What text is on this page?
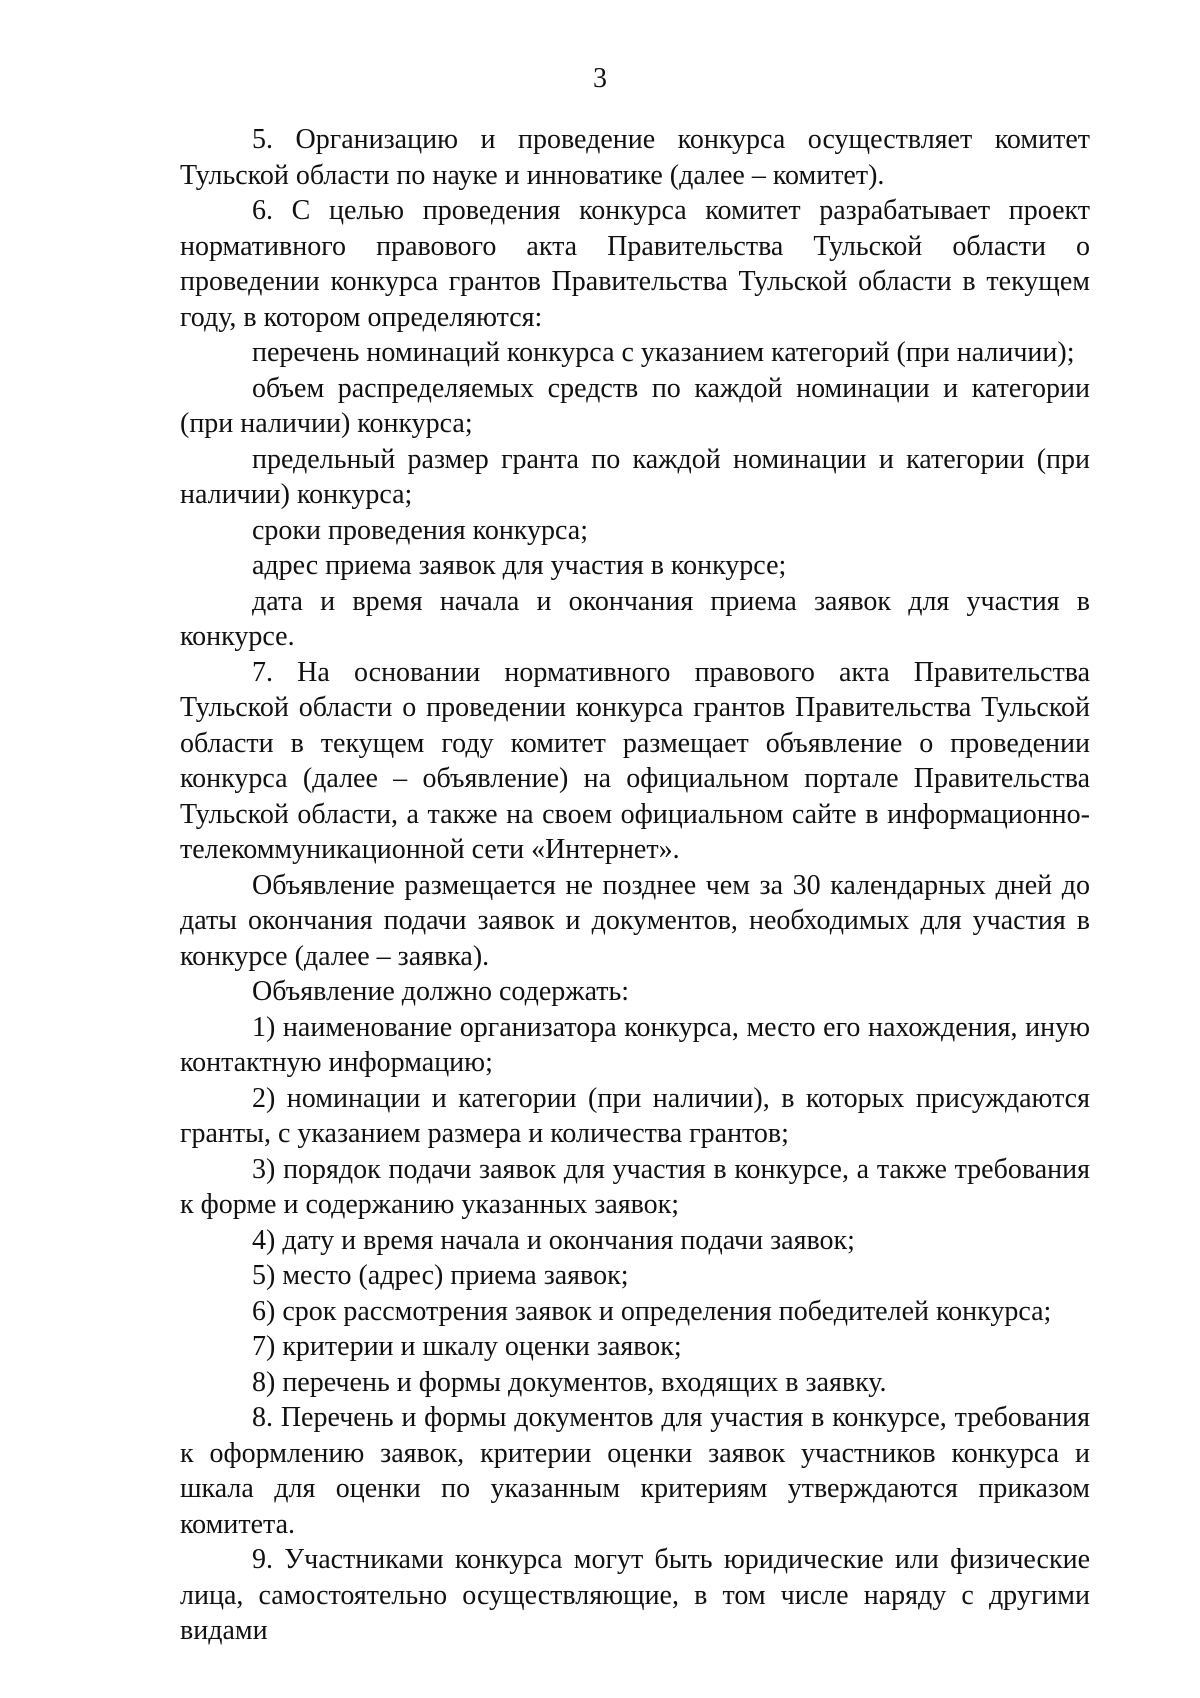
3

5. Организацию и проведение конкурса осуществляет комитет Тульской области по науке и инноватике (далее – комитет).

6. С целью проведения конкурса комитет разрабатывает проект нормативного правового акта Правительства Тульской области о проведении конкурса грантов Правительства Тульской области в текущем году, в котором определяются:

перечень номинаций конкурса с указанием категорий (при наличии);

объем распределяемых средств по каждой номинации и категории (при наличии) конкурса;

предельный размер гранта по каждой номинации и категории (при наличии) конкурса;

сроки проведения конкурса;

адрес приема заявок для участия в конкурсе;

дата и время начала и окончания приема заявок для участия в конкурсе.

7. На основании нормативного правового акта Правительства Тульской области о проведении конкурса грантов Правительства Тульской области в текущем году комитет размещает объявление о проведении конкурса (далее – объявление) на официальном портале Правительства Тульской области, а также на своем официальном сайте в информационно-телекоммуникационной сети «Интернет».

Объявление размещается не позднее чем за 30 календарных дней до даты окончания подачи заявок и документов, необходимых для участия в конкурсе (далее – заявка).

Объявление должно содержать:

1) наименование организатора конкурса, место его нахождения, иную контактную информацию;

2) номинации и категории (при наличии), в которых присуждаются гранты, с указанием размера и количества грантов;

3) порядок подачи заявок для участия в конкурсе, а также требования к форме и содержанию указанных заявок;

4) дату и время начала и окончания подачи заявок;

5) место (адрес) приема заявок;

6) срок рассмотрения заявок и определения победителей конкурса;

7) критерии и шкалу оценки заявок;

8) перечень и формы документов, входящих в заявку.

8. Перечень и формы документов для участия в конкурсе, требования к оформлению заявок, критерии оценки заявок участников конкурса и шкала для оценки по указанным критериям утверждаются приказом комитета.

9. Участниками конкурса могут быть юридические или физические лица, самостоятельно осуществляющие, в том числе наряду с другими видами
